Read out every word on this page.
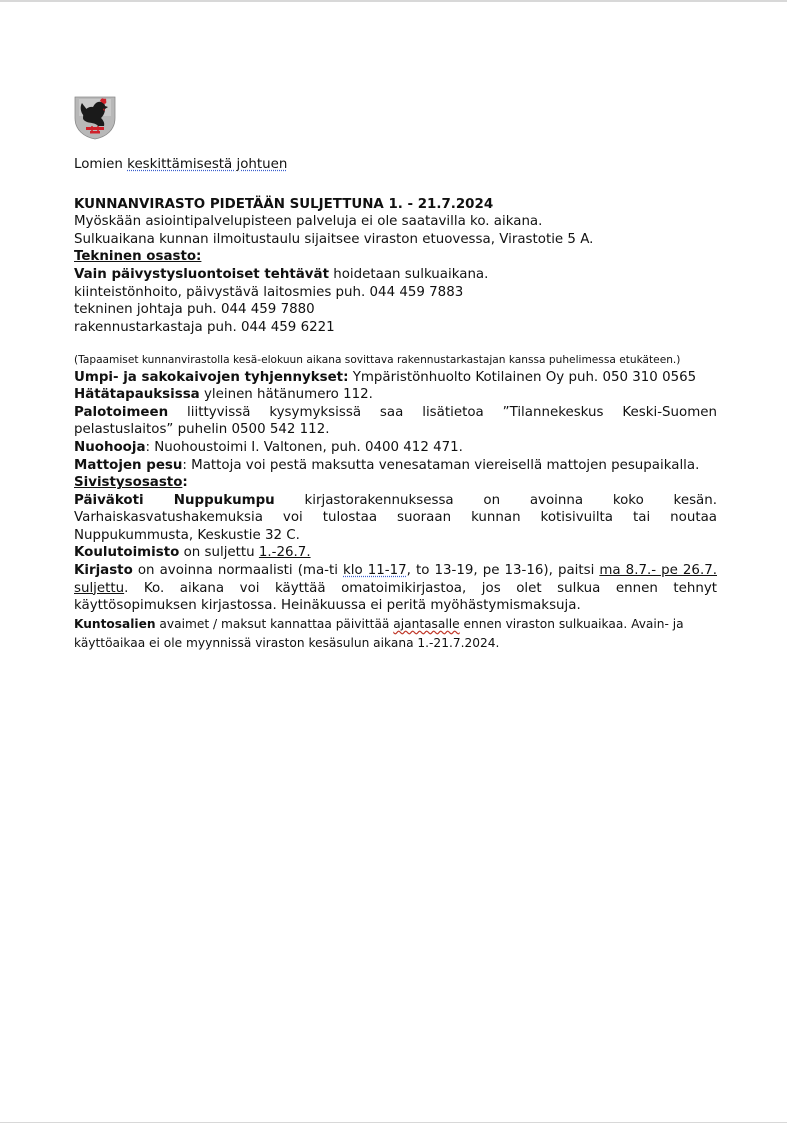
Lomien keskittämisestä johtuen

KUNNANVIRASTO PIDETÄÄN SULJETTUNA 1. - 21.7.2024

Myöskään asiointipalvelupisteen palveluja ei ole saatavilla ko. aikana.

Sulkuaikana kunnan ilmoitustaulu sijaitsee viraston etuovessa, Virastotie 5 A.

Tekninen osasto:

Vain päivystysluontoiset tehtävät hoidetaan sulkuaikana.

kiinteistönhoito, päivystävä laitosmies puh. 044 459 7883

tekninen johtaja puh. 044 459 7880

rakennustarkastaja puh. 044 459 6221

(Tapaamiset kunnanvirastolla kesä-elokuun aikana sovittava rakennustarkastajan kanssa puhelimessa etukäteen.)

Umpi- ja sakokaivojen tyhjennykset: Ympäristönhuolto Kotilainen Oy puh. 050 310 0565

Hätätapauksissa yleinen hätänumero 112.

Palotoimeen liittyvissä kysymyksissä saa lisätietoa ”Tilannekeskus Keski-Suomen pelastuslaitos” puhelin 0500 542 112.

Nuohooja: Nuohoustoimi I. Valtonen, puh. 0400 412 471.

Mattojen pesu: Mattoja voi pestä maksutta venesataman viereisellä mattojen pesupaikalla.

Sivistysosasto:

Päiväkoti Nuppukumpu kirjastorakennuksessa on avoinna koko kesän. Varhaiskasvatushakemuksia voi tulostaa suoraan kunnan kotisivuilta tai noutaa Nuppukummusta, Keskustie 32 C.

Koulutoimisto on suljettu 1.-26.7.

Kirjasto on avoinna normaalisti (ma-ti klo 11-17, to 13-19, pe 13-16), paitsi ma 8.7.- pe 26.7. suljettu. Ko. aikana voi käyttää omatoimikirjastoa, jos olet sulkua ennen tehnyt käyttösopimuksen kirjastossa. Heinäkuussa ei peritä myöhästymismaksuja.

Kuntosalien avaimet / maksut kannattaa päivittää ajantasalle ennen viraston sulkuaikaa. Avain- ja käyttöaikaa ei ole myynnissä viraston kesäsulun aikana 1.-21.7.2024.
